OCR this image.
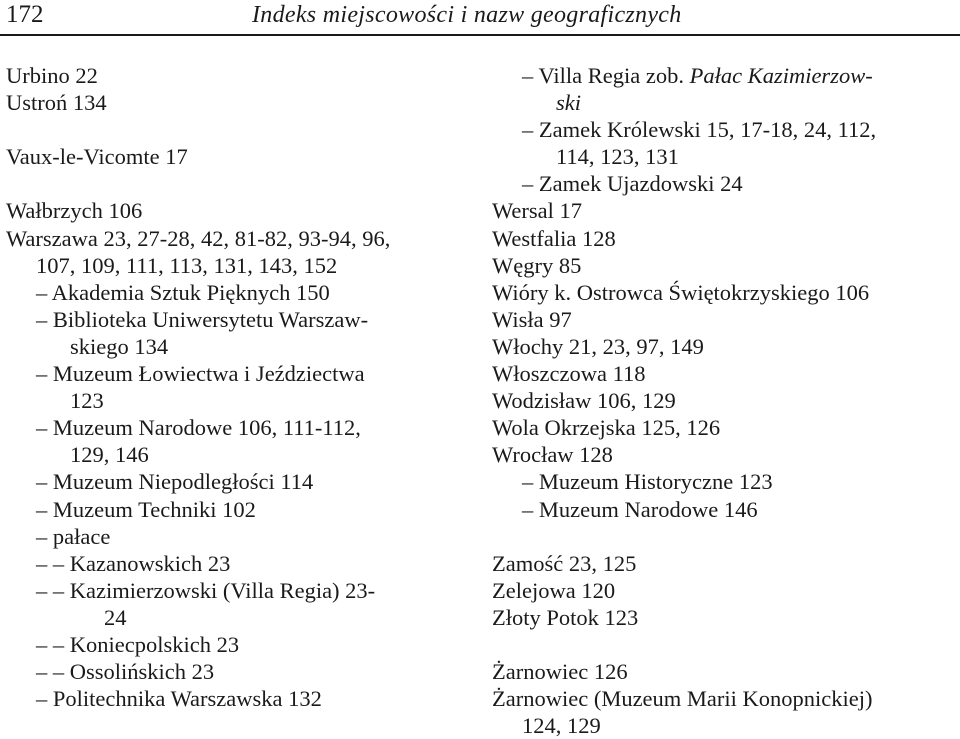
172	Indeks miejscowości i nazw geograficznych
Urbino 22
Ustroń 134
Vaux-le-Vicomte 17
Wałbrzych 106
Warszawa 23, 27-28, 42, 81-82, 93-94, 96,
107, 109, 111, 113, 131, 143, 152
– Akademia Sztuk Pięknych 150
– Biblioteka Uniwersytetu Warszaw-
skiego 134
– Muzeum Łowiectwa i Jeździectwa
123
– Muzeum Narodowe 106, 111-112,
129, 146
– Muzeum Niepodległości 114
– Muzeum Techniki 102
– pałace
– – Kazanowskich 23
– – Kazimierzowski (Villa Regia) 23-
24
– – Koniecpolskich 23
– – Ossolińskich 23
– Politechnika Warszawska 132
– Villa Regia zob. Pałac Kazimierzow-
ski
– Zamek Królewski 15, 17-18, 24, 112,
114, 123, 131
– Zamek Ujazdowski 24
Wersal 17
Westfalia 128
Węgry 85
Wióry k. Ostrowca Świętokrzyskiego 106
Wisła 97
Włochy 21, 23, 97, 149
Włoszczowa 118
Wodzisław 106, 129
Wola Okrzejska 125, 126
Wrocław 128
– Muzeum Historyczne 123
– Muzeum Narodowe 146
Zamość 23, 125
Zelejowa 120
Złoty Potok 123
Żarnowiec 126
Żarnowiec (Muzeum Marii Konopnickiej)
124, 129
